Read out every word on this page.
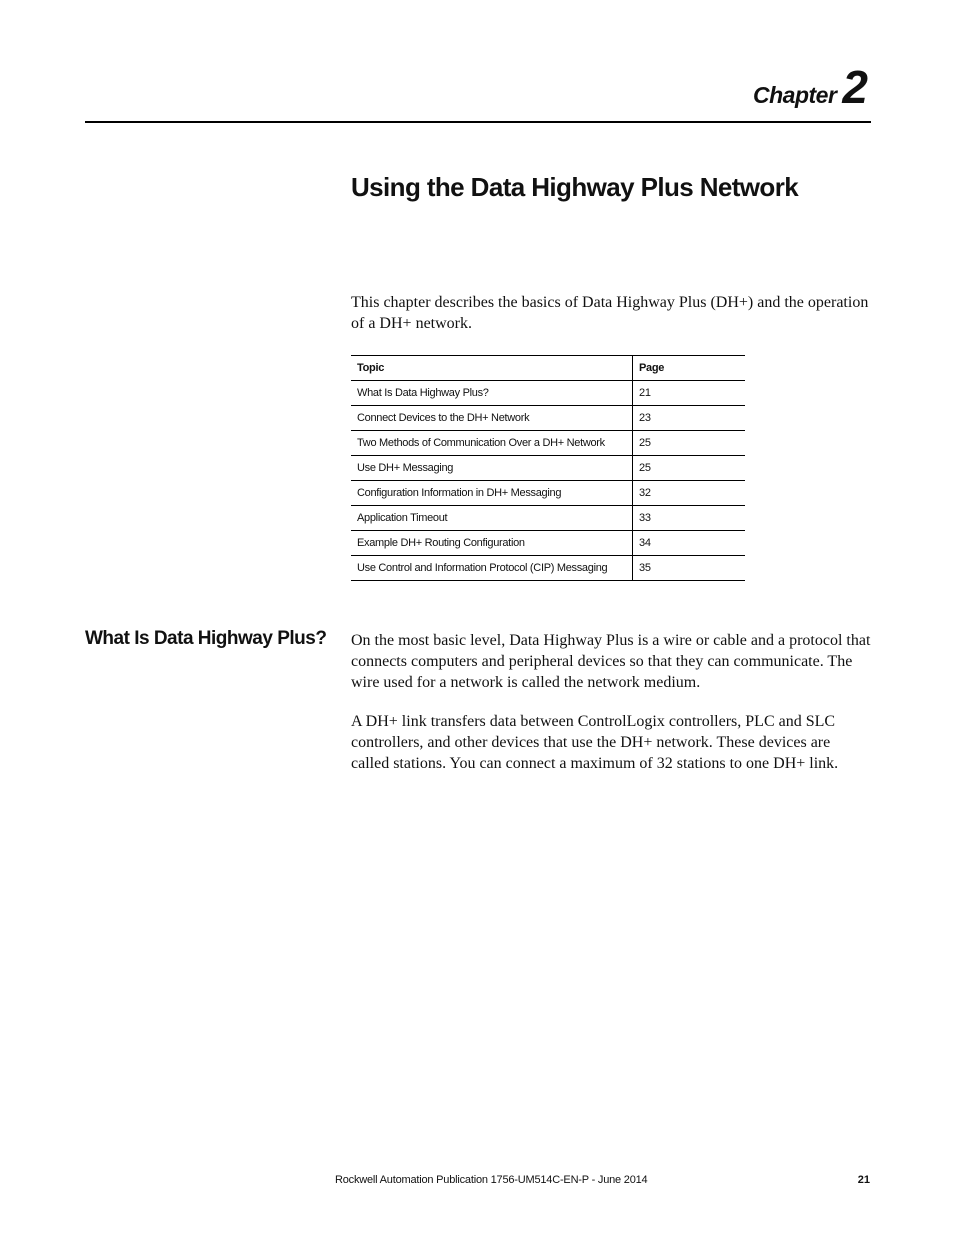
Chapter 2
Using the Data Highway Plus Network

This chapter describes the basics of Data Highway Plus (DH+) and the operation of a DH+ network.

Topic	Page
What Is Data Highway Plus?	21
Connect Devices to the DH+ Network	23
Two Methods of Communication Over a DH+ Network	25
Use DH+ Messaging	25
Configuration Information in DH+ Messaging	32
Application Timeout	33
Example DH+ Routing Configuration	34
Use Control and Information Protocol (CIP) Messaging	35
What Is Data Highway Plus? On the most basic level, Data Highway Plus is a wire or cable and a protocol that connects computers and peripheral devices so that they can communicate. The wire used for a network is called the network medium.

A DH+ link transfers data between ControlLogix controllers, PLC and SLC controllers, and other devices that use the DH+ network. These devices are called stations. You can connect a maximum of 32 stations to one DH+ link.

Rockwell Automation Publication 1756-UM514C-EN-P - June 2014	21
